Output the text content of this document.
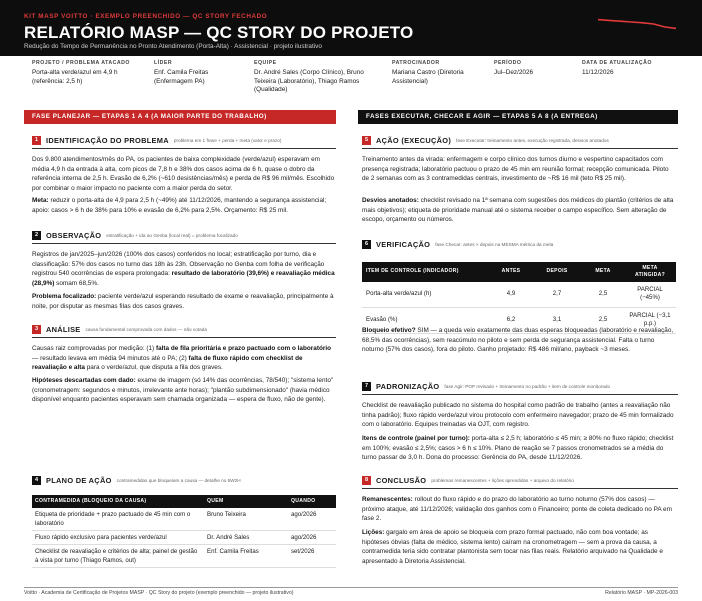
KIT MASP VOITTO · EXEMPLO PREENCHIDO — QC STORY FECHADO
RELATÓRIO MASP — QC STORY DO PROJETO
Redução do Tempo de Permanência no Pronto Atendimento (Porta-Alta) · Assistencial · projeto ilustrativo
PROJETO / PROBLEMA ATACADO
Porta-alta verde/azul em 4,9 h (referência: 2,5 h)
LÍDER
Enf. Camila Freitas (Enfermagem PA)
EQUIPE
Dr. André Sales (Corpo Clínico), Bruno Teixeira (Laboratório), Thiago Ramos (Qualidade)
PATROCINADOR
Mariana Castro (Diretoria Assistencial)
PERÍODO
Jul–Dez/2026
DATA DE ATUALIZAÇÃO
11/12/2026
FASE PLANEJAR — ETAPAS 1 A 4 (A MAIOR PARTE DO TRABALHO)	FASES EXECUTAR, CHECAR E AGIR — ETAPAS 5 A 8 (A ENTREGA)
1	IDENTIFICAÇÃO DO PROBLEMA problema em 1 frase + perda + meta (valor e prazo)
Dos 9.800 atendimentos/mês do PA, os pacientes de baixa complexidade (verde/azul) esperavam em média 4,9 h da entrada à alta, com picos de 7,8 h e 38% dos casos acima de 6 h, quase o dobro da referência interna de 2,5 h. Evasão de 6,2% (~610 desistências/mês) e perda de R$ 96 mil/mês. Escolhido por combinar o maior impacto no paciente com a maior perda do setor.
Meta: reduzir o porta-alta de 4,9 para 2,5 h (~49%) até 11/12/2026, mantendo a segurança assistencial; apoio: casos > 6 h de 38% para 10% e evasão de 6,2% para 2,5%. Orçamento: R$ 25 mil.
2	OBSERVAÇÃO estratificação + ida ao Genba (local real) = problema focalizado
Registros de jan/2025–jun/2026 (100% dos casos) conferidos no local; estratificação por turno, dia e classificação: 57% dos casos no turno das 18h às 23h. Observação no Genba com folha de verificação registrou 540 ocorrências de espera prolongada: resultado de laboratório (39,6%) e reavaliação médica (28,9%) somam 68,5%.
Problema focalizado: paciente verde/azul esperando resultado de exame e reavaliação, principalmente à noite, por disputar as mesmas filas dos casos graves.
3	ANÁLISE causa fundamental comprovada com dados — não votada
Causas raiz comprovadas por medição: (1) falta de fila prioritária e prazo pactuado com o laboratório — resultado levava em média 94 minutos até o PA; (2) falta de fluxo rápido com checklist de reavaliação e alta para o verde/azul, que disputa a fila dos graves.
Hipóteses descartadas com dado: exame de imagem (só 14% das ocorrências, 78/540); "sistema lento" (cronometragem: segundos e minutos, irrelevante ante horas); "plantão subdimensionado" (havia médico disponível enquanto pacientes esperavam sem chamada organizada — espera de fluxo, não de gente).
4	PLANO DE AÇÃO contramedidas que bloqueiam a causa — detalhe no 5W2H
CONTRAMEDIDA (BLOQUEIO DA CAUSA)	QUEM	QUANDO
Etiqueta de prioridade + prazo pactuado de 45 min com o laboratório	Bruno Teixeira	ago/2026
Fluxo rápido exclusivo para pacientes verde/azul	Dr. André Sales	ago/2026
Checklist de reavaliação e critérios de alta; painel de gestão à vista por turno (Thiago Ramos, out)	Enf. Camila Freitas	set/2026
5	AÇÃO (EXECUÇÃO) fase Executar: treinamento antes, execução registrada, desvios anotados
Treinamento antes da virada: enfermagem e corpo clínico dos turnos diurno e vespertino capacitados com presença registrada; laboratório pactuou o prazo de 45 min em reunião formal; recepção comunicada. Piloto de 2 semanas com as 3 contramedidas centrais, investimento de ~R$ 16 mil (teto R$ 25 mil).
Desvios anotados: checklist revisado na 1ª semana com sugestões dos médicos do plantão (critérios de alta mais objetivos); etiqueta de prioridade manual até o sistema receber o campo específico. Sem alteração de escopo, orçamento ou números.
6	VERIFICAÇÃO fase Checar: antes × depois na MESMA métrica da meta
ITEM DE CONTROLE (INDICADOR)	ANTES	DEPOIS	META	META ATINGIDA?
Porta-alta verde/azul (h)	4,9	2,7	2,5	PARCIAL (−45%)
Evasão (%)	6,2	3,1	2,5	PARCIAL (−3,1 p.p.)
Bloqueio efetivo? SIM — a queda veio exatamente das duas esperas bloqueadas (laboratório e reavaliação, 68,5% das ocorrências), sem reacúmulo no piloto e sem perda de segurança assistencial. Falta o turno noturno (57% dos casos), fora do piloto. Ganho projetado: R$ 486 mil/ano, payback ~3 meses.
7	PADRONIZAÇÃO fase Agir: POP revisado + treinamento no padrão + item de controle monitorado
Checklist de reavaliação publicado no sistema do hospital como padrão de trabalho (antes a reavaliação não tinha padrão); fluxo rápido verde/azul virou protocolo com enfermeiro navegador; prazo de 45 min formalizado com o laboratório. Equipes treinadas via OJT, com registro.
Itens de controle (painel por turno): porta-alta ≤ 2,5 h; laboratório ≤ 45 min; ≥ 80% no fluxo rápido; checklist em 100%; evasão ≤ 2,5%; casos > 6 h ≤ 10%. Plano de reação se 7 passos cronometrados se a média do turno passar de 3,0 h. Dona do processo: Gerência do PA, desde 11/12/2026.
8	CONCLUSÃO problemas remanescentes + lições aprendidas + arquivo do relatório
Remanescentes: rollout do fluxo rápido e do prazo do laboratório ao turno noturno (57% dos casos) — próximo ataque, até 11/12/2026; validação dos ganhos com o Financeiro; ponte de coleta dedicado no PA em fase 2.
Lições: gargalo em área de apoio se bloqueia com prazo formal pactuado, não com boa vontade; as hipóteses óbvias (falta de médico, sistema lento) caíram na cronometragem — sem a prova da causa, a contramedida teria sido contratar plantonista sem tocar nas filas reais. Relatório arquivado na Qualidade e apresentado à Diretoria Assistencial.
Voitto · Academia de Certificação de Projetos MASP · QC Story do projeto (exemplo preenchido — projeto ilustrativo)	Relatório MASP · MP-2026-003
